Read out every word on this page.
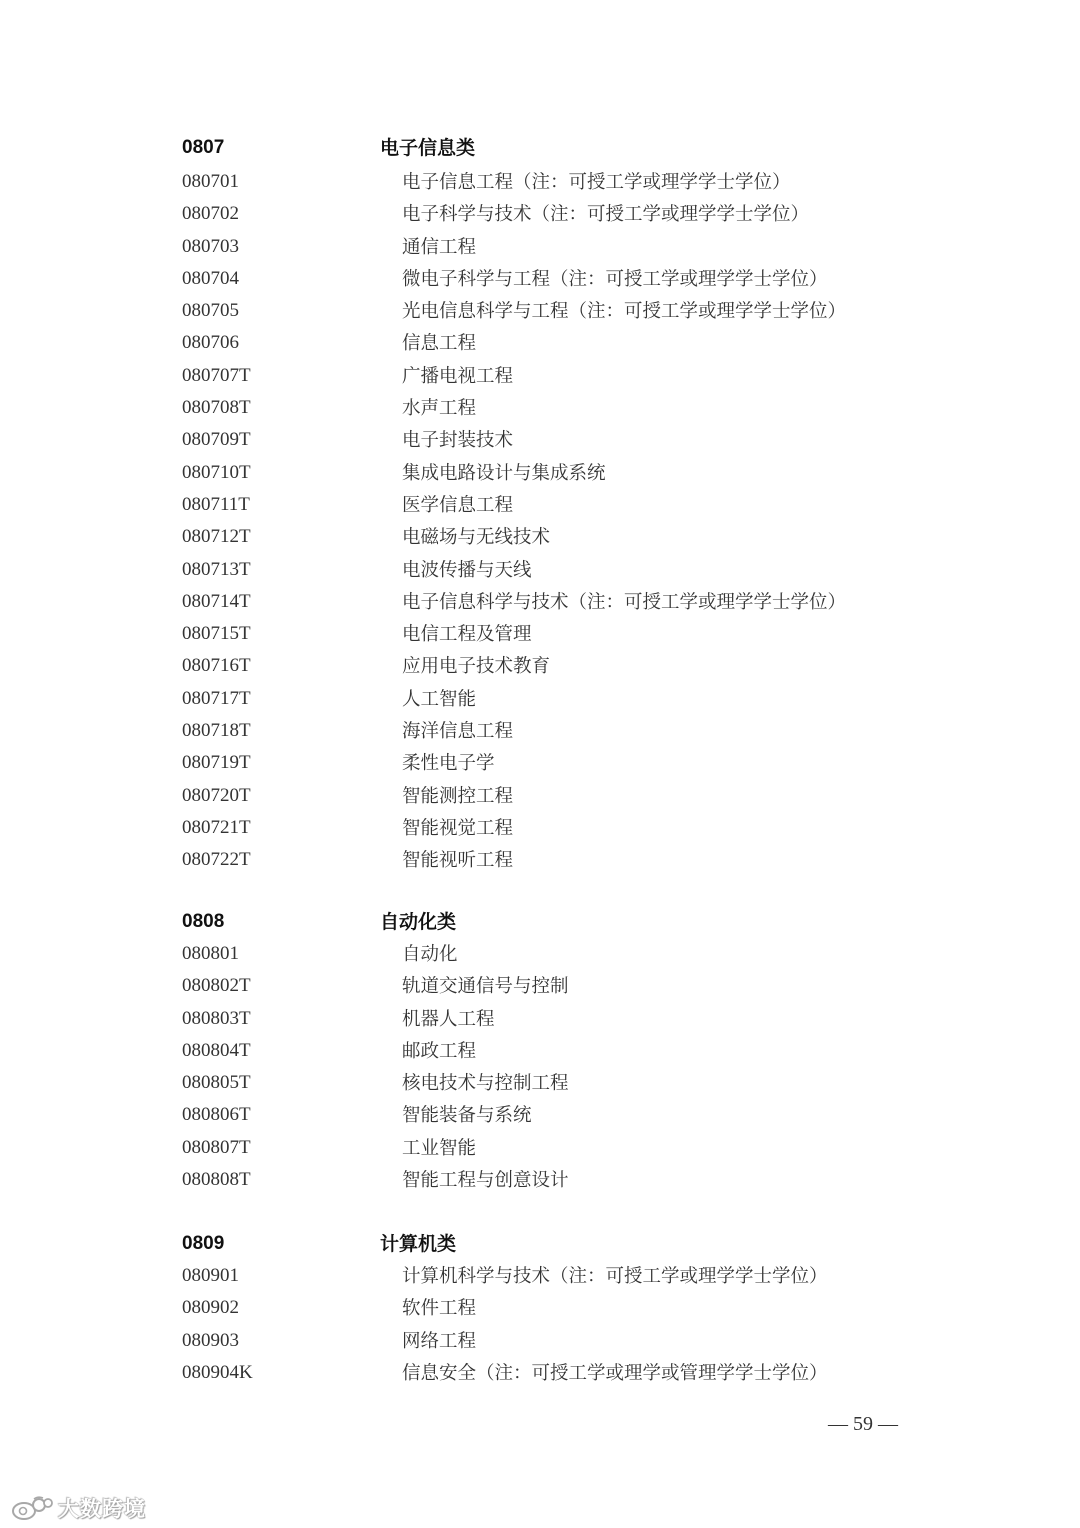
0807	电子信息类
080701	电子信息工程（注：可授工学或理学学士学位）
080702	电子科学与技术（注：可授工学或理学学士学位）
080703	通信工程
080704	微电子科学与工程（注：可授工学或理学学士学位）
080705	光电信息科学与工程（注：可授工学或理学学士学位）
080706	信息工程
080707T	广播电视工程
080708T	水声工程
080709T	电子封装技术
080710T	集成电路设计与集成系统
080711T	医学信息工程
080712T	电磁场与无线技术
080713T	电波传播与天线
080714T	电子信息科学与技术（注：可授工学或理学学士学位）
080715T	电信工程及管理
080716T	应用电子技术教育
080717T	人工智能
080718T	海洋信息工程
080719T	柔性电子学
080720T	智能测控工程
080721T	智能视觉工程
080722T	智能视听工程
0808	自动化类
080801	自动化
080802T	轨道交通信号与控制
080803T	机器人工程
080804T	邮政工程
080805T	核电技术与控制工程
080806T	智能装备与系统
080807T	工业智能
080808T	智能工程与创意设计
0809	计算机类
080901	计算机科学与技术（注：可授工学或理学学士学位）
080902	软件工程
080903	网络工程
080904K	信息安全（注：可授工学或理学或管理学学士学位）
— 59 —
大数跨境
